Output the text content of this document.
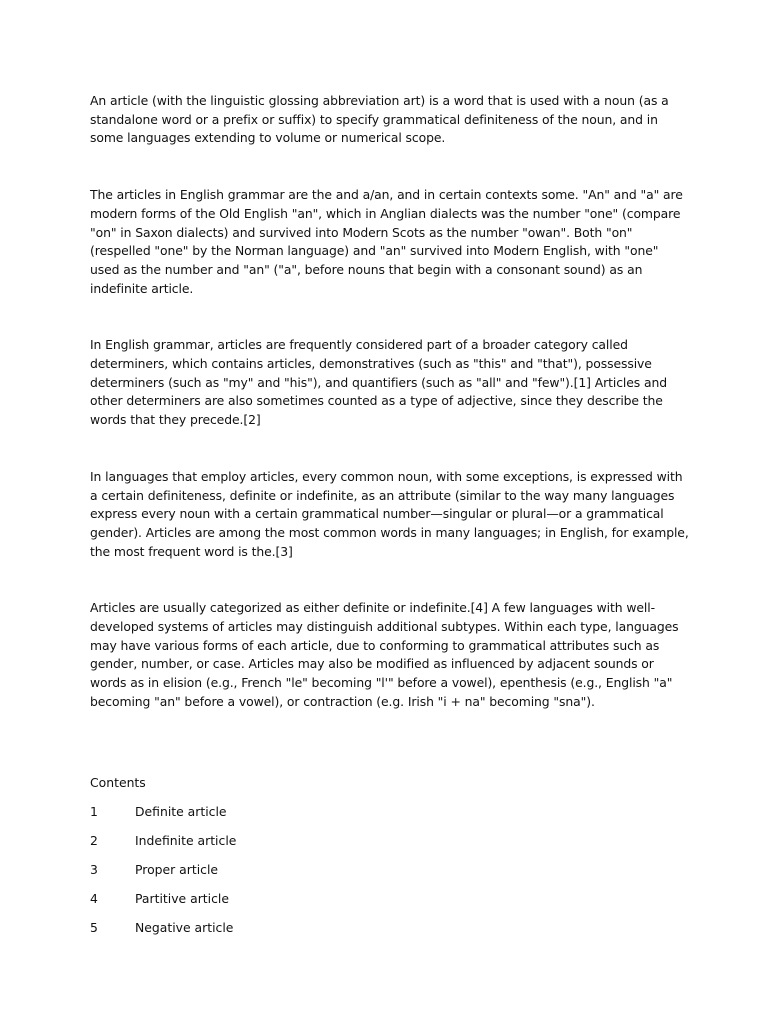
An article (with the linguistic glossing abbreviation art) is a word that is used with a noun (as a standalone word or a prefix or suffix) to specify grammatical definiteness of the noun, and in some languages extending to volume or numerical scope.

The articles in English grammar are the and a/an, and in certain contexts some. "An" and "a" are modern forms of the Old English "an", which in Anglian dialects was the number "one" (compare "on" in Saxon dialects) and survived into Modern Scots as the number "owan". Both "on" (respelled "one" by the Norman language) and "an" survived into Modern English, with "one" used as the number and "an" ("a", before nouns that begin with a consonant sound) as an indefinite article.

In English grammar, articles are frequently considered part of a broader category called determiners, which contains articles, demonstratives (such as "this" and "that"), possessive determiners (such as "my" and "his"), and quantifiers (such as "all" and "few").[1] Articles and other determiners are also sometimes counted as a type of adjective, since they describe the words that they precede.[2]

In languages that employ articles, every common noun, with some exceptions, is expressed with a certain definiteness, definite or indefinite, as an attribute (similar to the way many languages express every noun with a certain grammatical number—singular or plural—or a grammatical gender). Articles are among the most common words in many languages; in English, for example, the most frequent word is the.[3]

Articles are usually categorized as either definite or indefinite.[4] A few languages with well-developed systems of articles may distinguish additional subtypes. Within each type, languages may have various forms of each article, due to conforming to grammatical attributes such as gender, number, or case. Articles may also be modified as influenced by adjacent sounds or words as in elision (e.g., French "le" becoming "l'" before a vowel), epenthesis (e.g., English "a" becoming "an" before a vowel), or contraction (e.g. Irish "i + na" becoming "sna").

Contents
1	Definite article
2	Indefinite article
3	Proper article
4	Partitive article
5	Negative article
